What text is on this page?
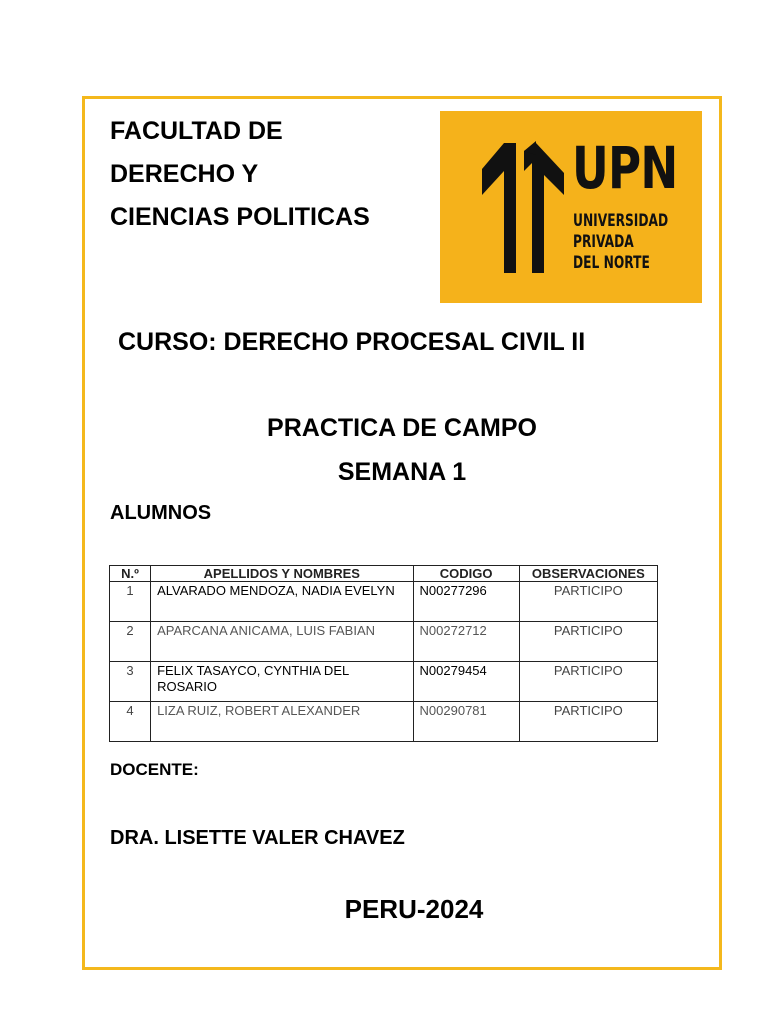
FACULTAD DE
DERECHO Y
CIENCIAS POLITICAS
UPN
UNIVERSIDAD
PRIVADA
DEL NORTE
CURSO: DERECHO PROCESAL CIVIL II
PRACTICA DE CAMPO
SEMANA 1
ALUMNOS
N.º	APELLIDOS Y NOMBRES	CODIGO	OBSERVACIONES
1	ALVARADO MENDOZA, NADIA EVELYN	N00277296	PARTICIPO
2	APARCANA ANICAMA, LUIS FABIAN	N00272712	PARTICIPO
3	FELIX TASAYCO, CYNTHIA DEL ROSARIO	N00279454	PARTICIPO
4	LIZA RUIZ, ROBERT ALEXANDER	N00290781	PARTICIPO
DOCENTE:
DRA. LISETTE VALER CHAVEZ
PERU-2024
